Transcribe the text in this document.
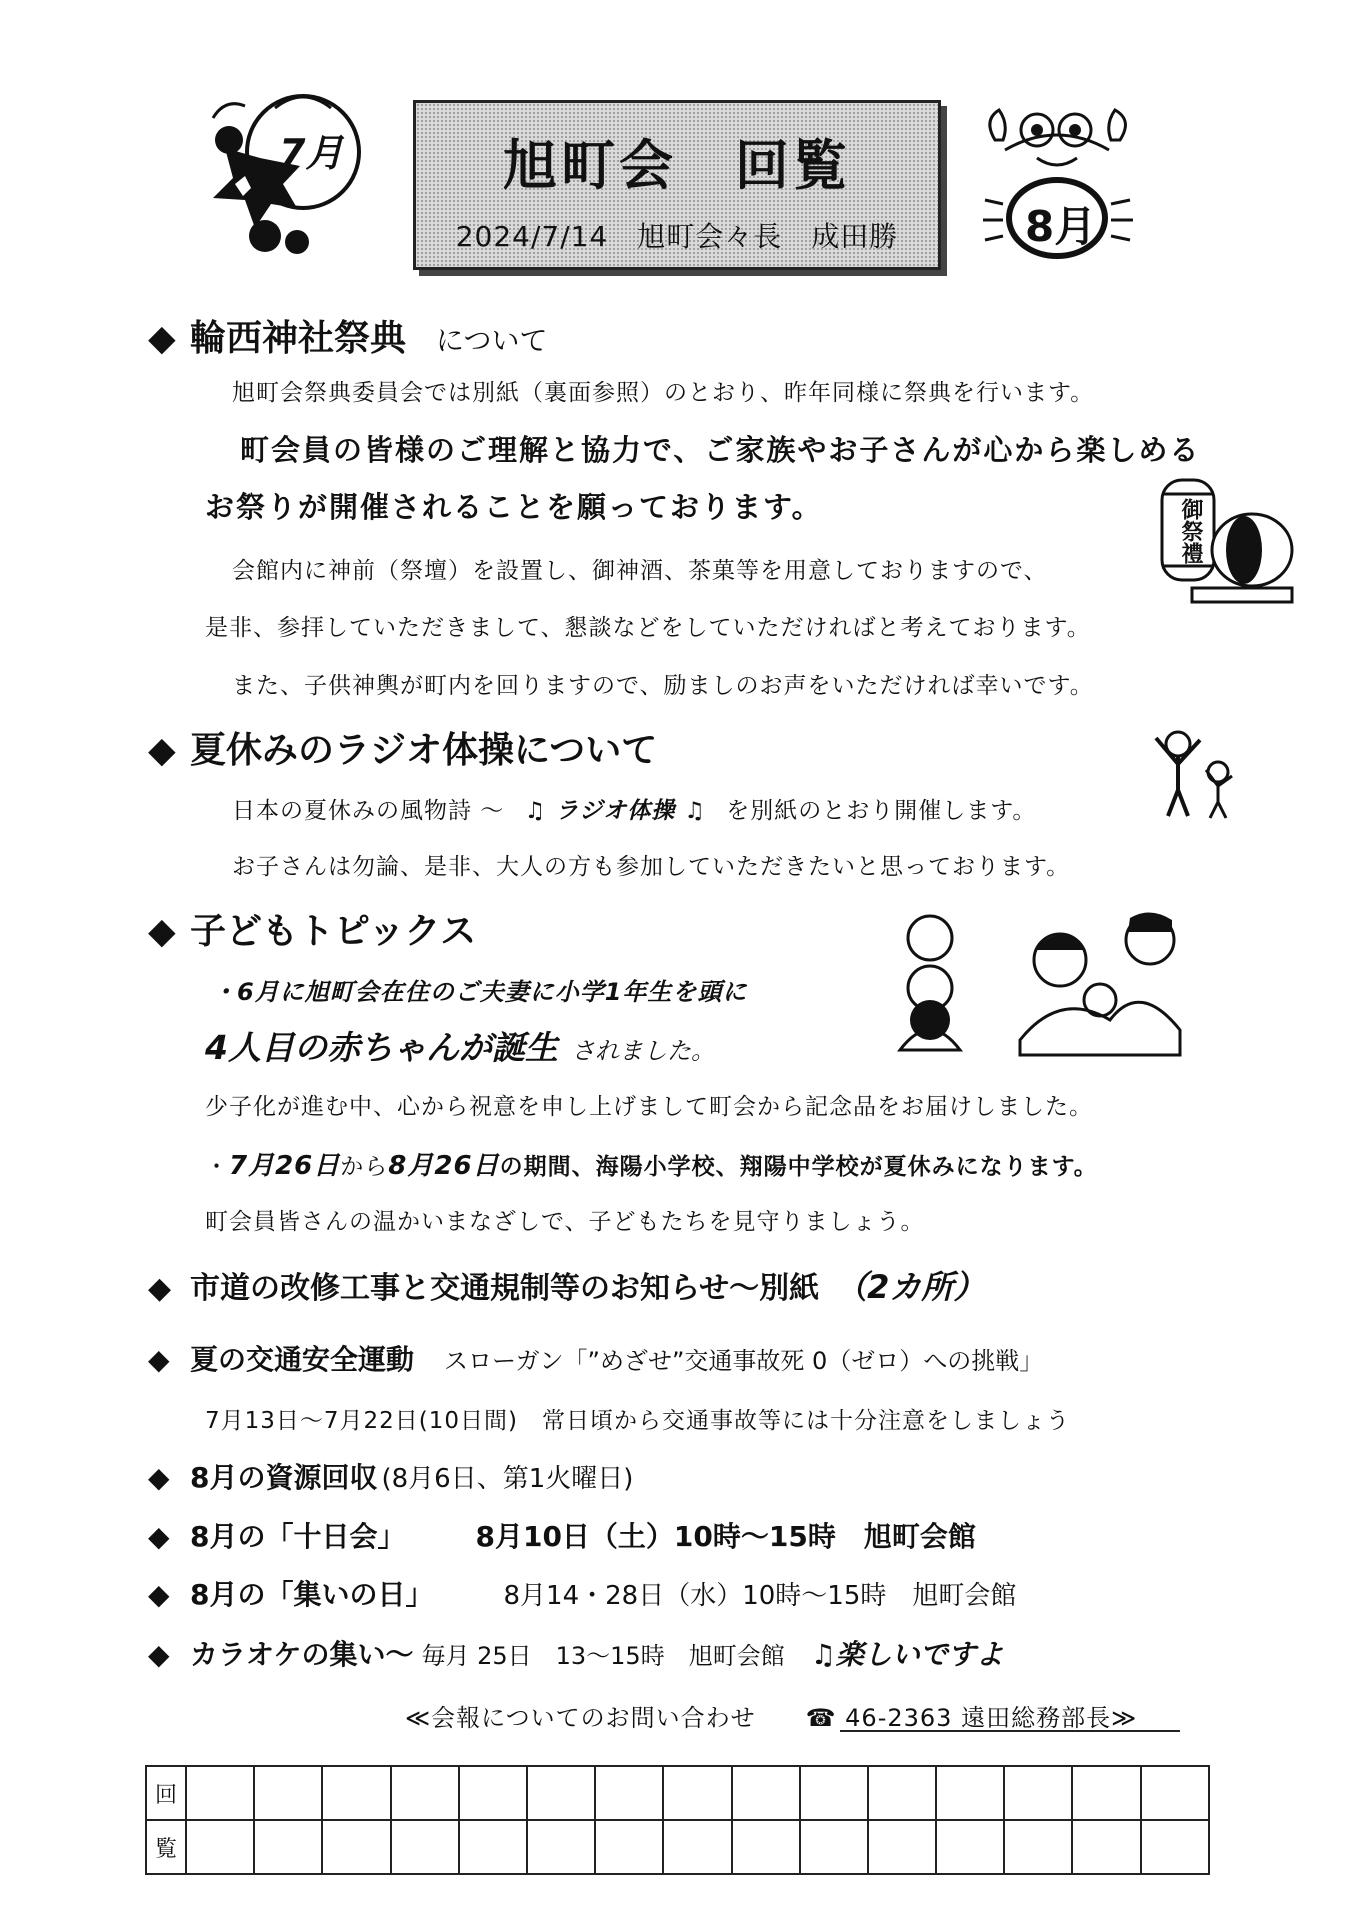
7月	旭町会　回覧
2024/7/14　旭町会々長　成田勝	8月
◆ 輪西神社祭典 について
旭町会祭典委員会では別紙（裏面参照）のとおり、昨年同様に祭典を行います。
町会員の皆様のご理解と協力で、ご家族やお子さんが心から楽しめる
お祭りが開催されることを願っております。	御祭禮
会館内に神前（祭壇）を設置し、御神酒、茶菓等を用意しておりますので、
是非、参拝していただきまして、懇談などをしていただければと考えております。
また、子供神輿が町内を回りますので、励ましのお声をいただければ幸いです。
◆ 夏休みのラジオ体操について
日本の夏休みの風物詩 ～ ♫ ラジオ体操 ♫ を別紙のとおり開催します。
お子さんは勿論、是非、大人の方も参加していただきたいと思っております。
◆ 子どもトピックス
・6月に旭町会在住のご夫妻に小学1年生を頭に
4人目の赤ちゃんが誕生 されました。
少子化が進む中、心から祝意を申し上げまして町会から記念品をお届けしました。
・7月26日から8月26日の期間、海陽小学校、翔陽中学校が夏休みになります。
町会員皆さんの温かいまなざしで、子どもたちを見守りましょう。
◆ 市道の改修工事と交通規制等のお知らせ～別紙 （2カ所）
◆ 夏の交通安全運動 スローガン「”めざせ”交通事故死 0（ゼロ）への挑戦」
7月13日～7月22日(10日間)　常日頃から交通事故等には十分注意をしましょう
◆ 8月の資源回収 (8月6日、第1火曜日)
◆ 8月の「十日会」	8月10日（土）10時～15時　旭町会館
◆ 8月の「集いの日」	8月14・28日（水）10時～15時　旭町会館
◆ カラオケの集い～ 毎月 25日　13～15時　旭町会館 ♫楽しいですよ
≪会報についてのお問い合わせ　　☎ 46-2363 遠田総務部長≫
回															
覧															
